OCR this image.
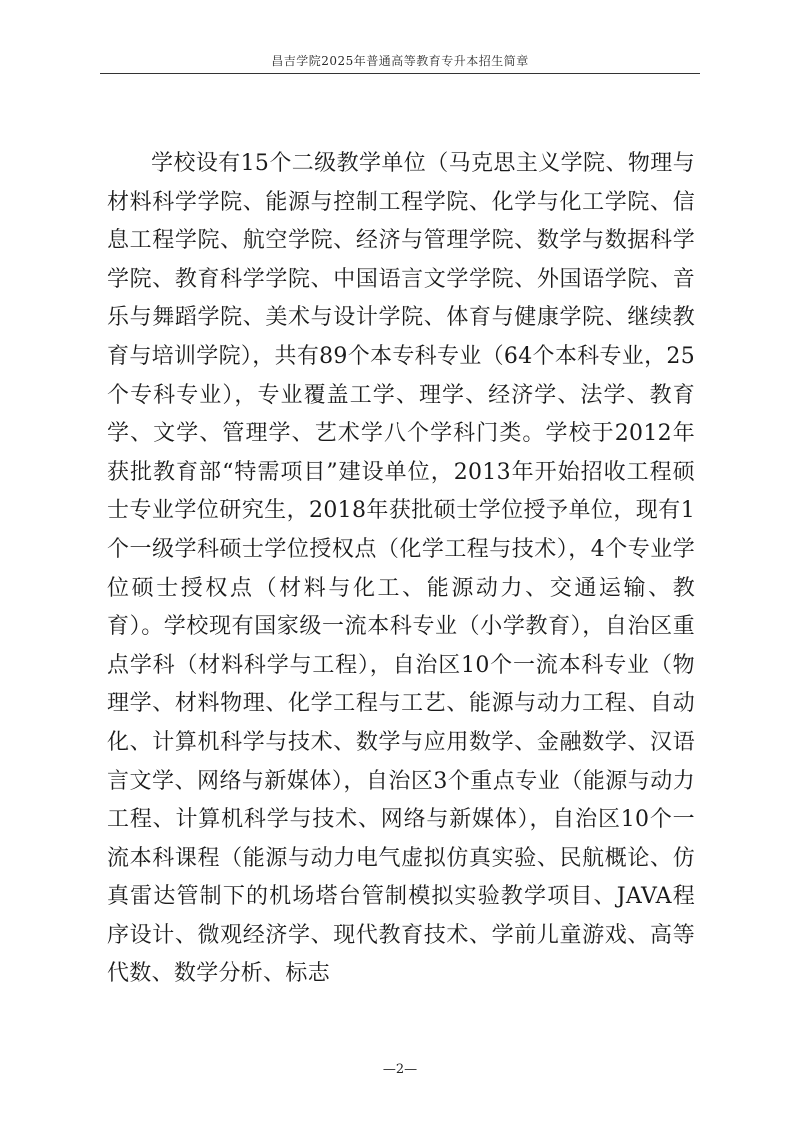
昌吉学院2025年普通高等教育专升本招生简章

学校设有15个二级教学单位（马克思主义学院、物理与材料科学学院、能源与控制工程学院、化学与化工学院、信息工程学院、航空学院、经济与管理学院、数学与数据科学学院、教育科学学院、中国语言文学学院、外国语学院、音乐与舞蹈学院、美术与设计学院、体育与健康学院、继续教育与培训学院），共有89个本专科专业（64个本科专业，25个专科专业），专业覆盖工学、理学、经济学、法学、教育学、文学、管理学、艺术学八个学科门类。学校于2012年获批教育部“特需项目”建设单位，2013年开始招收工程硕士专业学位研究生，2018年获批硕士学位授予单位，现有1个一级学科硕士学位授权点（化学工程与技术），4个专业学位硕士授权点（材料与化工、能源动力、交通运输、教育）。学校现有国家级一流本科专业（小学教育），自治区重点学科（材料科学与工程），自治区10个一流本科专业（物理学、材料物理、化学工程与工艺、能源与动力工程、自动化、计算机科学与技术、数学与应用数学、金融数学、汉语言文学、网络与新媒体），自治区3个重点专业（能源与动力工程、计算机科学与技术、网络与新媒体），自治区10个一流本科课程（能源与动力电气虚拟仿真实验、民航概论、仿真雷达管制下的机场塔台管制模拟实验教学项目、JAVA程序设计、微观经济学、现代教育技术、学前儿童游戏、高等代数、数学分析、标志

—2—
